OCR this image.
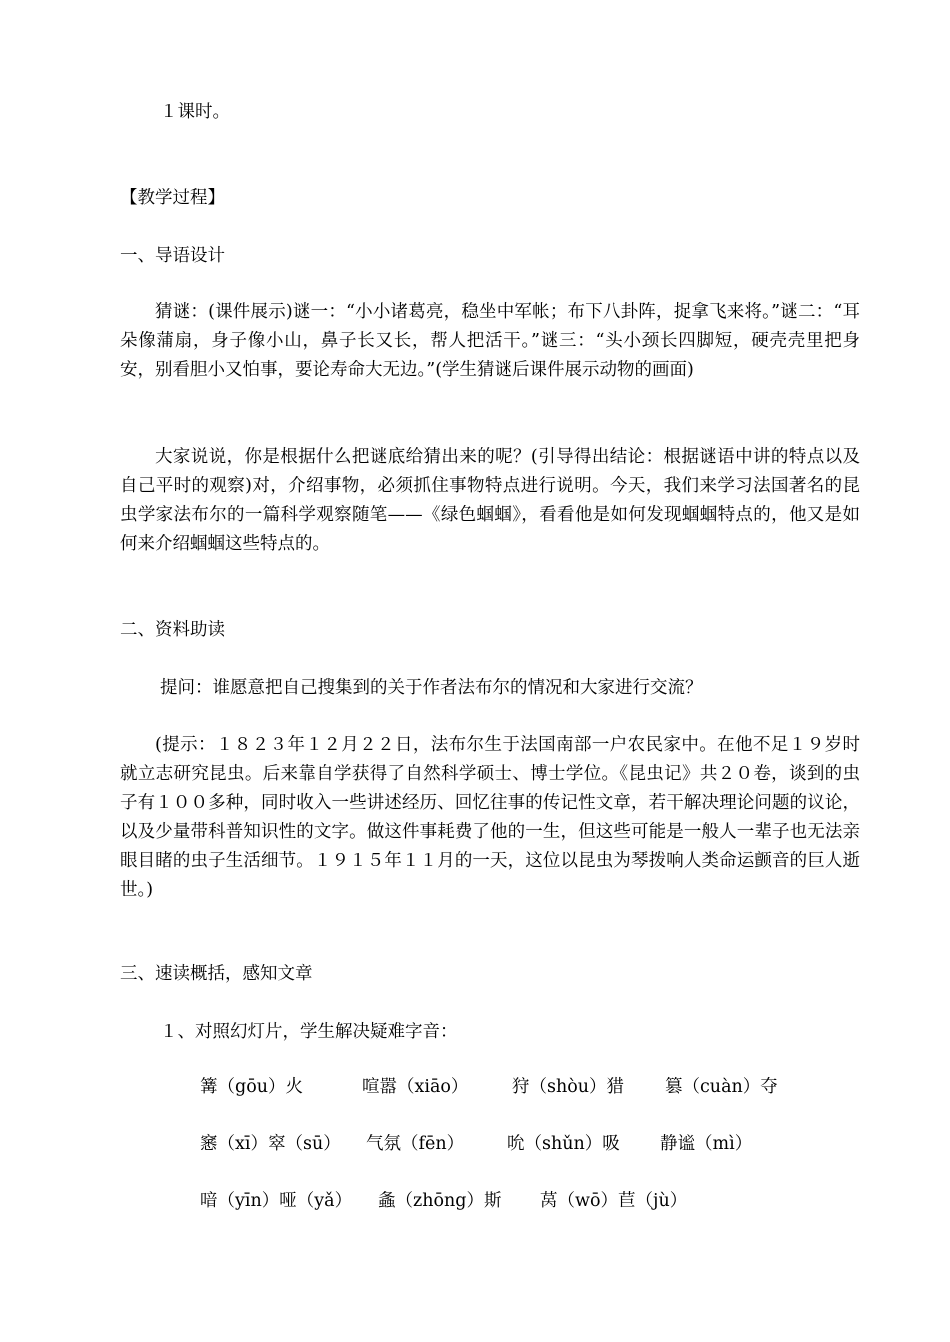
１课时。
【教学过程】
一、导语设计

猜谜：(课件展示)谜一：“小小诸葛亮，稳坐中军帐；布下八卦阵，捉拿飞来将。”谜二：“耳朵像蒲扇，身子像小山，鼻子长又长，帮人把活干。”谜三：“头小颈长四脚短，硬壳壳里把身安，别看胆小又怕事，要论寿命大无边。”(学生猜谜后课件展示动物的画面)

大家说说，你是根据什么把谜底给猜出来的呢？(引导得出结论：根据谜语中讲的特点以及自己平时的观察)对，介绍事物，必须抓住事物特点进行说明。今天，我们来学习法国著名的昆虫学家法布尔的一篇科学观察随笔——《绿色蝈蝈》，看看他是如何发现蝈蝈特点的，他又是如何来介绍蝈蝈这些特点的。

二、资料助读
提问：谁愿意把自己搜集到的关于作者法布尔的情况和大家进行交流？

(提示：１８２３年１２月２２日，法布尔生于法国南部一户农民家中。在他不足１９岁时就立志研究昆虫。后来靠自学获得了自然科学硕士、博士学位。《昆虫记》共２０卷，谈到的虫子有１００多种，同时收入一些讲述经历、回忆往事的传记性文章，若干解决理论问题的议论，以及少量带科普知识性的文字。做这件事耗费了他的一生，但这些可能是一般人一辈子也无法亲眼目睹的虫子生活细节。１９１５年１１月的一天，这位以昆虫为琴拨响人类命运颤音的巨人逝世。)

三、速读概括，感知文章
１、对照幻灯片，学生解决疑难字音：
篝（gōu）火	喧嚣（xiāo） 狩（shòu）猎 篡（cuàn）夺
窸（xī）窣（sū） 气氛（fēn） 吮（shǔn）吸 静谧（mì）
喑（yīn）哑（yǎ） 螽（zhōng）斯 莴（wō）苣（jù）
